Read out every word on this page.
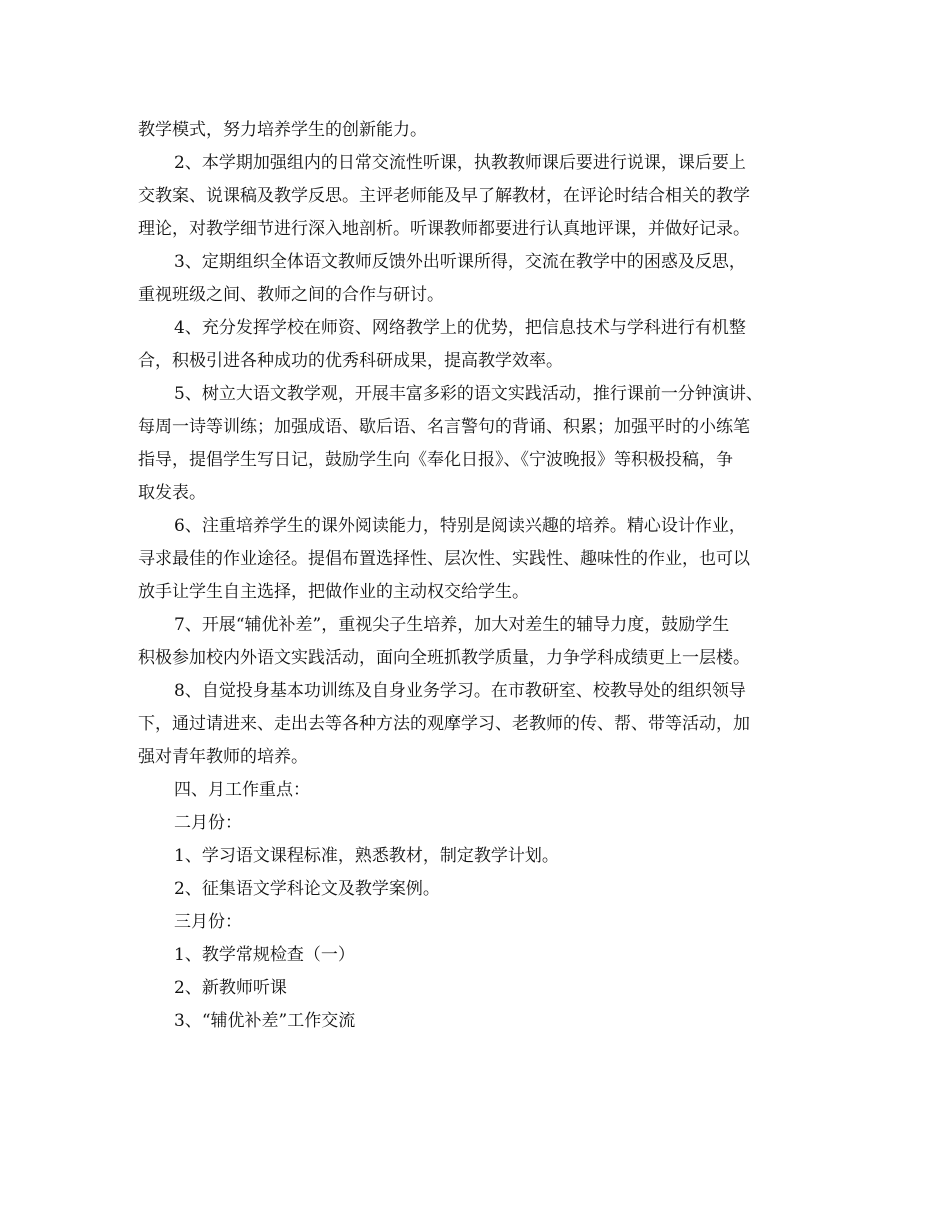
教学模式，努力培养学生的创新能力。
2、本学期加强组内的日常交流性听课，执教教师课后要进行说课，课后要上
交教案、说课稿及教学反思。主评老师能及早了解教材，在评论时结合相关的教学
理论，对教学细节进行深入地剖析。听课教师都要进行认真地评课，并做好记录。
3、定期组织全体语文教师反馈外出听课所得，交流在教学中的困惑及反思，
重视班级之间、教师之间的合作与研讨。
4、充分发挥学校在师资、网络教学上的优势，把信息技术与学科进行有机整
合，积极引进各种成功的优秀科研成果，提高教学效率。
5、树立大语文教学观，开展丰富多彩的语文实践活动，推行课前一分钟演讲、
每周一诗等训练；加强成语、歇后语、名言警句的背诵、积累；加强平时的小练笔
指导，提倡学生写日记，鼓励学生向《奉化日报》、《宁波晚报》等积极投稿，争
取发表。
6、注重培养学生的课外阅读能力，特别是阅读兴趣的培养。精心设计作业，
寻求最佳的作业途径。提倡布置选择性、层次性、实践性、趣味性的作业，也可以
放手让学生自主选择，把做作业的主动权交给学生。
7、开展“辅优补差”，重视尖子生培养，加大对差生的辅导力度，鼓励学生
积极参加校内外语文实践活动，面向全班抓教学质量，力争学科成绩更上一层楼。
8、自觉投身基本功训练及自身业务学习。在市教研室、校教导处的组织领导
下，通过请进来、走出去等各种方法的观摩学习、老教师的传、帮、带等活动，加
强对青年教师的培养。
四、月工作重点：
二月份：
1、学习语文课程标准，熟悉教材，制定教学计划。
2、征集语文学科论文及教学案例。
三月份：
1、教学常规检查（一）
2、新教师听课
3、“辅优补差”工作交流
